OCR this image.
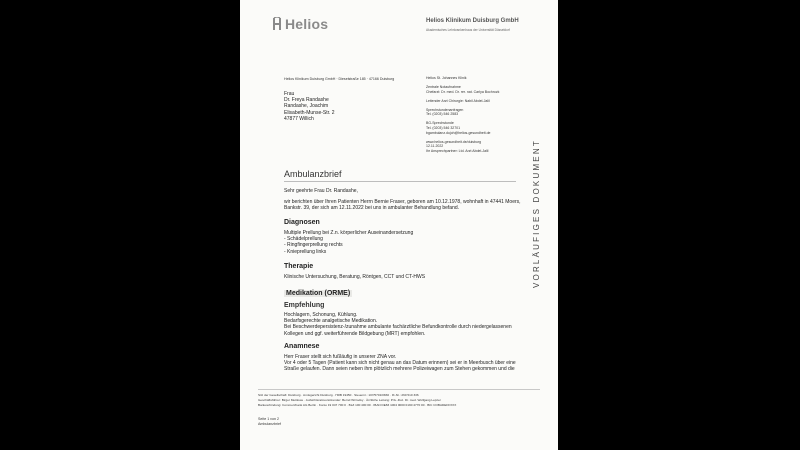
Helios	Helios Klinikum Duisburg GmbH
Akademisches Lehrkrankenhaus der Universität Düsseldorf
Helios Klinikum Duisburg GmbH · Dieselstraße 185 · 47166 Duisburg
Frau
Dr. Freya Randashe
Randashe, Joachim
Elisabeth-Munse-Str. 2
47877 Willich
Helios St. Johannes Klinik

Zentrale Notaufnahme
Chefarzt: Dr. med. Dr. rer. nat. Carlya Bochrozk

Leitender Arzt Chirurgie: Nabil Abdel-Jalil

Sprechstundenanfragen
Tel. (0203) 546 2583

BG-Sprechstunde
Tel. (0203) 546 32701
bgambulanz.dujoh@helios-gesundheit.de

www.helios-gesundheit.de/duisburg
12.11.2022
Ihr Ansprechpartner: Ltd. Arzt Abdel-Jalil
Ambulanzbrief
Sehr geehrte Frau Dr. Randashe,
wir berichten über Ihren Patienten Herrn Bernie Fraser, geboren am 10.12.1978, wohnhaft in 47441 Moers,
Bankstr. 39, der sich am 12.11.2022 bei uns in ambulanter Behandlung befand.
Diagnosen
Multiple Prellung bei Z.n. körperlicher Auseinandersetzung
- Schädelprellung
- Ringfingerprellung rechts
- Knieprellung links
Therapie
Klinische Untersuchung, Beratung, Röntgen, CCT und CT-HWS
Medikation (ORME)
Empfehlung
Hochlagern, Schonung, Kühlung.
Bedarfsgerechte analgetische Medikation.
Bei Beschwerdepersistenz-/zunahme ambulante fachärztliche Befundkontrolle durch niedergelassenen
Kollegen und ggf. weiterführende Bildgebung (MRT) empfohlen.
Anamnese
Herr Fraser stellt sich fußläufig in unserer ZNA vor.
Vor 4 oder 5 Tagen (Patient kann sich nicht genau an das Datum erinnern) sei er in Meerbusch über eine
Straße gelaufen. Dann seien neben ihm plötzlich mehrere Polizeiwagen zum Stehen gekommen und die
Sitz der Gesellschaft: Duisburg · Amtsgericht Duisburg · HRB 19450 · Steuernr.: 107/5701/0830 · IK-Nr.: 260 510 336
Geschäftsführer: Birger Mettlowe · Aufsichtsratsvorsitzender: Bernd Wirrodsy · Ärztliche Leitung: Priv.-Doz. Dr. med. Wolfgang Lepzer
Bankverbindung: Commerzbank AG Berlin · Konto 19 047 700 0 · BLZ 100 400 00 · IBAN DE83 1004 0000 0190 4770 00 · BIC COBADEFFXXX
Seite 1 von 2
Ambulanzbrief
VORLÄUFIGES DOKUMENT
